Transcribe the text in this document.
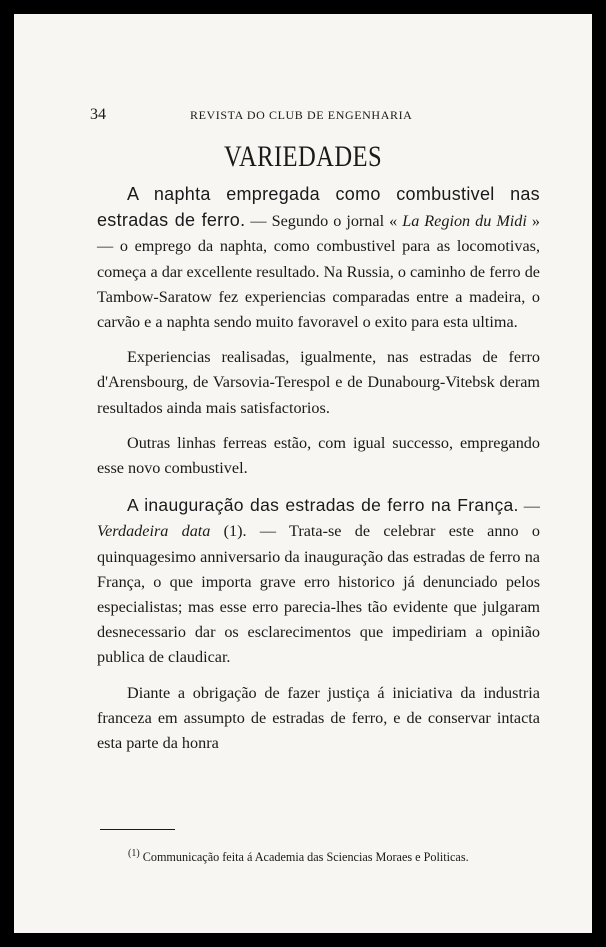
34	REVISTA DO CLUB DE ENGENHARIA
VARIEDADES

A naphta empregada como combustivel nas estradas de ferro. — Segundo o jornal « La Region du Midi » — o emprego da naphta, como combustivel para as locomotivas, começa a dar excellente resultado. Na Russia, o caminho de ferro de Tambow-Saratow fez experiencias comparadas entre a madeira, o carvão e a naphta sendo muito favoravel o exito para esta ultima.

Experiencias realisadas, igualmente, nas estradas de ferro d'Arensbourg, de Varsovia-Terespol e de Dunabourg-Vitebsk deram resultados ainda mais satisfactorios.

Outras linhas ferreas estão, com igual successo, empregando esse novo combustivel.

A inauguração das estradas de ferro na França. — Verdadeira data (1). — Trata-se de celebrar este anno o quinquagesimo anniversario da inauguração das estradas de ferro na França, o que importa grave erro historico já denunciado pelos especialistas; mas esse erro parecia-lhes tão evidente que julgaram desnecessario dar os esclarecimentos que impediriam a opinião publica de claudicar.

Diante a obrigação de fazer justiça á iniciativa da industria franceza em assumpto de estradas de ferro, e de conservar intacta esta parte da honra

$^{(1)}$ Communicação feita á Academia das Sciencias Moraes e Politicas.
